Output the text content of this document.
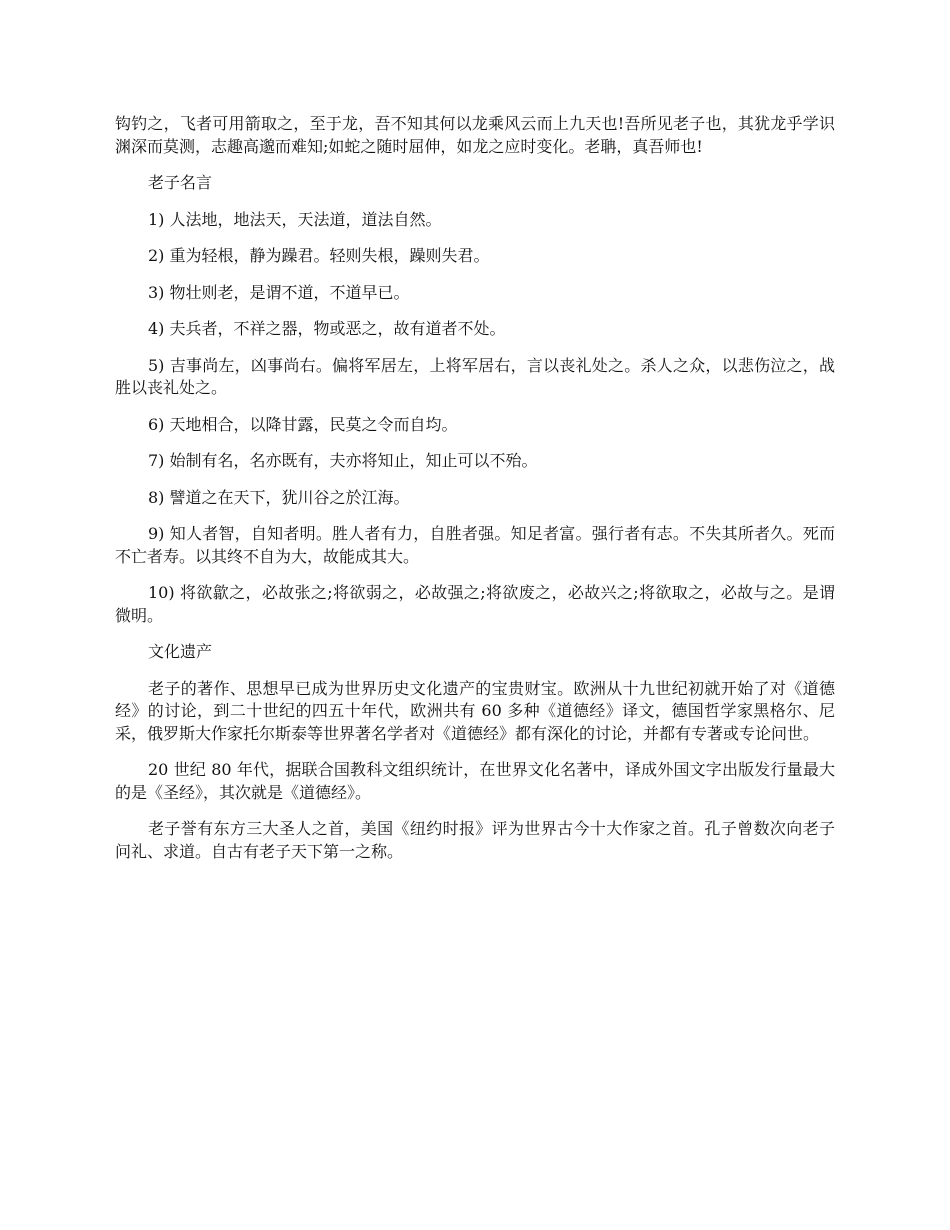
钩钓之，飞者可用箭取之，至于龙，吾不知其何以龙乘风云而上九天也!吾所见老子也，其犹龙乎学识渊深而莫测，志趣高邈而难知;如蛇之随时屈伸，如龙之应时变化。老聃，真吾师也!

老子名言

1) 人法地，地法天，天法道，道法自然。

2) 重为轻根，静为躁君。轻则失根，躁则失君。

3) 物壮则老，是谓不道，不道早已。

4) 夫兵者，不祥之器，物或恶之，故有道者不处。

5) 吉事尚左，凶事尚右。偏将军居左，上将军居右，言以丧礼处之。杀人之众，以悲伤泣之，战胜以丧礼处之。

6) 天地相合，以降甘露，民莫之令而自均。

7) 始制有名，名亦既有，夫亦将知止，知止可以不殆。

8) 譬道之在天下，犹川谷之於江海。

9) 知人者智，自知者明。胜人者有力，自胜者强。知足者富。强行者有志。不失其所者久。死而不亡者寿。以其终不自为大，故能成其大。

10) 将欲歙之，必故张之;将欲弱之，必故强之;将欲废之，必故兴之;将欲取之，必故与之。是谓微明。

文化遗产

老子的著作、思想早已成为世界历史文化遗产的宝贵财宝。欧洲从十九世纪初就开始了对《道德经》的讨论，到二十世纪的四五十年代，欧洲共有 60 多种《道德经》译文，德国哲学家黑格尔、尼采，俄罗斯大作家托尔斯泰等世界著名学者对《道德经》都有深化的讨论，并都有专著或专论问世。

20 世纪 80 年代，据联合国教科文组织统计，在世界文化名著中，译成外国文字出版发行量最大的是《圣经》，其次就是《道德经》。

老子誉有东方三大圣人之首，美国《纽约时报》评为世界古今十大作家之首。孔子曾数次向老子问礼、求道。自古有老子天下第一之称。
